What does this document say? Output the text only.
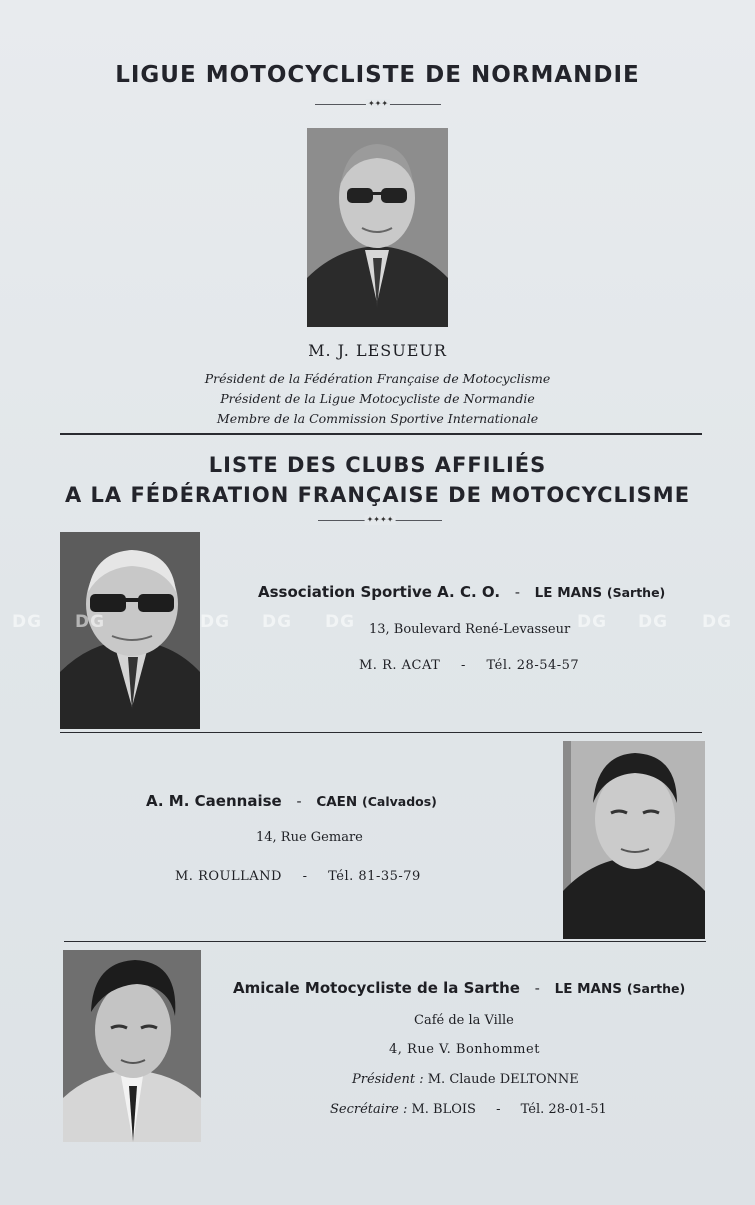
LIGUE MOTOCYCLISTE DE NORMANDIE
✦✦✦
M. J. LESUEUR
Président de la Fédération Française de Motocyclisme
Président de la Ligue Motocycliste de Normandie
Membre de la Commission Sportive Internationale
LISTE DES CLUBS AFFILIÉS
A LA FÉDÉRATION FRANÇAISE DE MOTOCYCLISME
✦✦✦✦
Association Sportive A. C. O. - LE MANS (Sarthe)
13, Boulevard René-Levasseur
M. R. ACAT - Tél. 28-54-57
DG DG	DG DG DG	DG DG DG
A. M. Caennaise - CAEN (Calvados)
14, Rue Gemare
M. ROULLAND - Tél. 81-35-79
Amicale Motocycliste de la Sarthe - LE MANS (Sarthe)
Café de la Ville
4, Rue V. Bonhommet
Président : M. Claude DELTONNE
Secrétaire : M. BLOIS - Tél. 28-01-51
